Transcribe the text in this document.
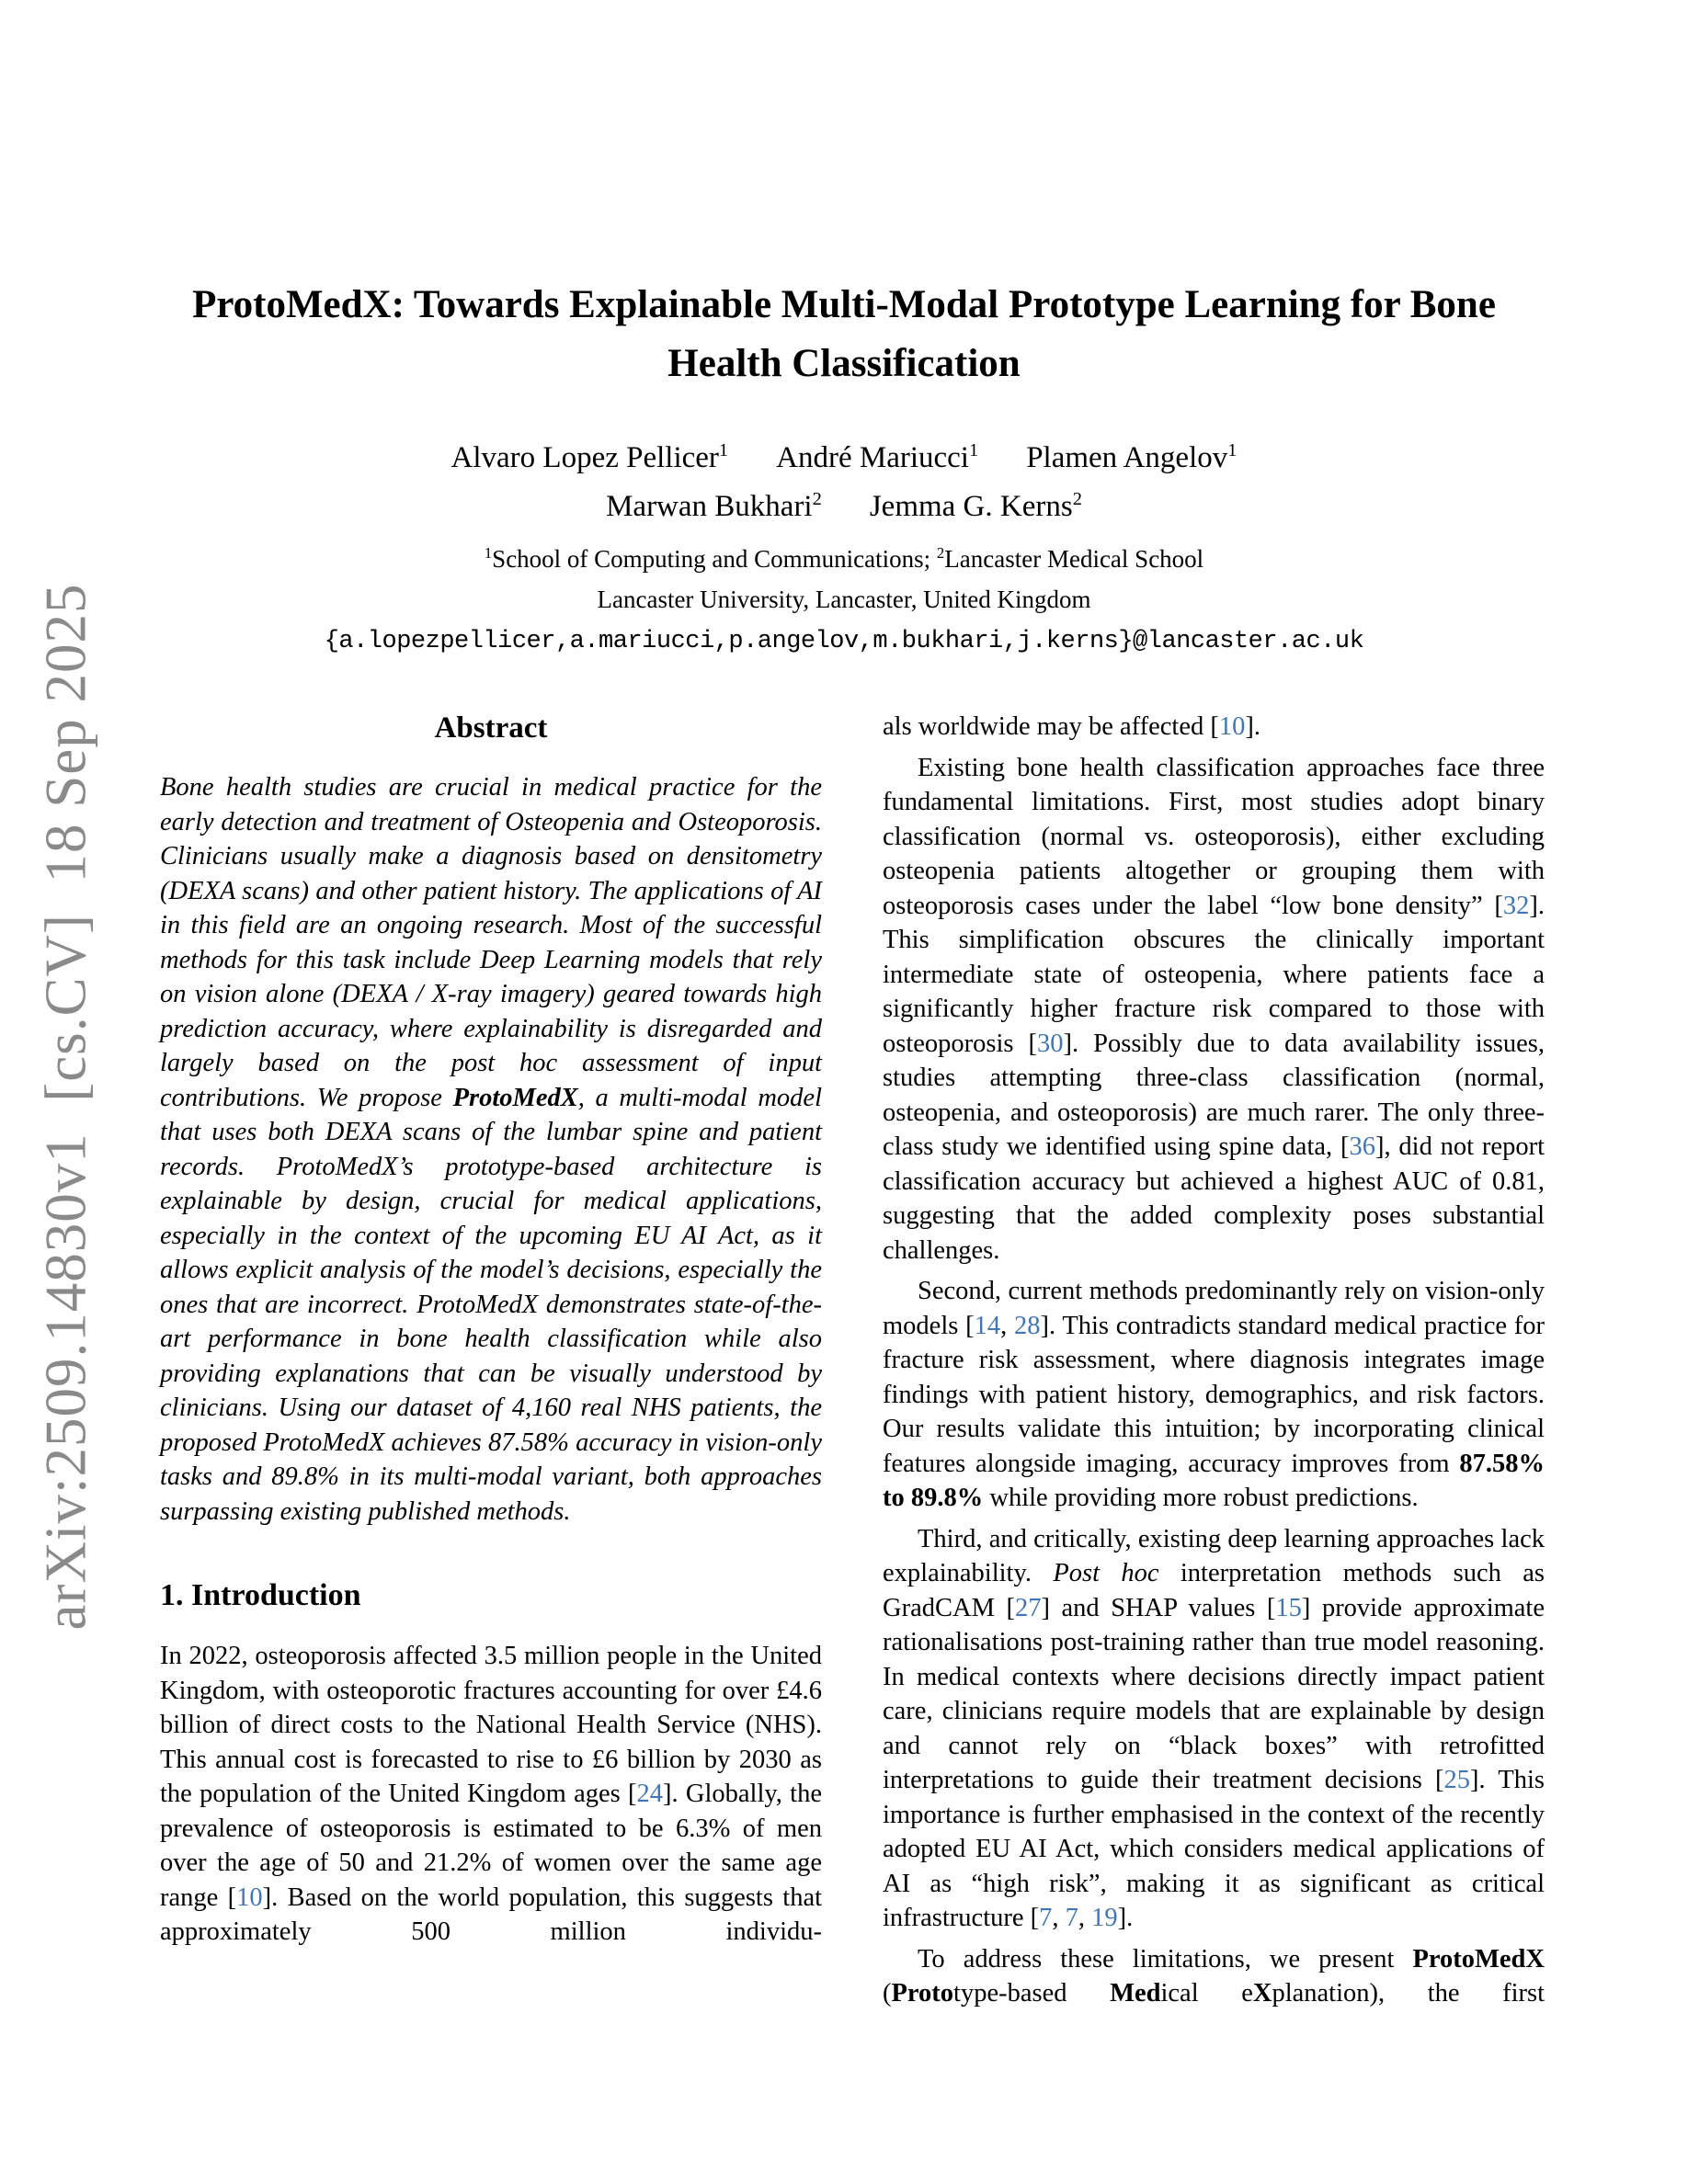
arXiv:2509.14830v1  [cs.CV]  18 Sep 2025
ProtoMedX: Towards Explainable Multi-Modal Prototype Learning for Bone
Health Classification
Alvaro Lopez Pellicer$^1$ André Mariucci$^1$ Plamen Angelov$^1$
Marwan Bukhari$^2$ Jemma G. Kerns$^2$
$^1$School of Computing and Communications; $^2$Lancaster Medical School
Lancaster University, Lancaster, United Kingdom
{a.lopezpellicer,a.mariucci,p.angelov,m.bukhari,j.kerns}@lancaster.ac.uk
Abstract

Bone health studies are crucial in medical practice for the early detection and treatment of Osteopenia and Osteoporosis. Clinicians usually make a diagnosis based on densitometry (DEXA scans) and other patient history. The applications of AI in this field are an ongoing research. Most of the successful methods for this task include Deep Learning models that rely on vision alone (DEXA / X-ray imagery) geared towards high prediction accuracy, where explainability is disregarded and largely based on the post hoc assessment of input contributions. We propose ProtoMedX, a multi-modal model that uses both DEXA scans of the lumbar spine and patient records. ProtoMedX’s prototype-based architecture is explainable by design, crucial for medical applications, especially in the context of the upcoming EU AI Act, as it allows explicit analysis of the model’s decisions, especially the ones that are incorrect. ProtoMedX demonstrates state-of-the-art performance in bone health classification while also providing explanations that can be visually understood by clinicians. Using our dataset of 4,160 real NHS patients, the proposed ProtoMedX achieves 87.58% accuracy in vision-only tasks and 89.8% in its multi-modal variant, both approaches surpassing existing published methods.

1. Introduction

In 2022, osteoporosis affected 3.5 million people in the United Kingdom, with osteoporotic fractures accounting for over £4.6 billion of direct costs to the National Health Service (NHS). This annual cost is forecasted to rise to £6 billion by 2030 as the population of the United Kingdom ages [24]. Globally, the prevalence of osteoporosis is estimated to be 6.3% of men over the age of 50 and 21.2% of women over the same age range [10]. Based on the world population, this suggests that approximately 500 million individu-

als worldwide may be affected [10].

Existing bone health classification approaches face three fundamental limitations. First, most studies adopt binary classification (normal vs. osteoporosis), either excluding osteopenia patients altogether or grouping them with osteoporosis cases under the label “low bone density” [32]. This simplification obscures the clinically important intermediate state of osteopenia, where patients face a significantly higher fracture risk compared to those with osteoporosis [30]. Possibly due to data availability issues, studies attempting three-class classification (normal, osteopenia, and osteoporosis) are much rarer. The only three-class study we identified using spine data, [36], did not report classification accuracy but achieved a highest AUC of 0.81, suggesting that the added complexity poses substantial challenges.

Second, current methods predominantly rely on vision-only models [14, 28]. This contradicts standard medical practice for fracture risk assessment, where diagnosis integrates image findings with patient history, demographics, and risk factors. Our results validate this intuition; by incorporating clinical features alongside imaging, accuracy improves from 87.58% to 89.8% while providing more robust predictions.

Third, and critically, existing deep learning approaches lack explainability. Post hoc interpretation methods such as GradCAM [27] and SHAP values [15] provide approximate rationalisations post-training rather than true model reasoning. In medical contexts where decisions directly impact patient care, clinicians require models that are explainable by design and cannot rely on “black boxes” with retrofitted interpretations to guide their treatment decisions [25]. This importance is further emphasised in the context of the recently adopted EU AI Act, which considers medical applications of AI as “high risk”, making it as significant as critical infrastructure [7, 7, 19].

To address these limitations, we present ProtoMedX (Prototype-based Medical eXplanation), the first
